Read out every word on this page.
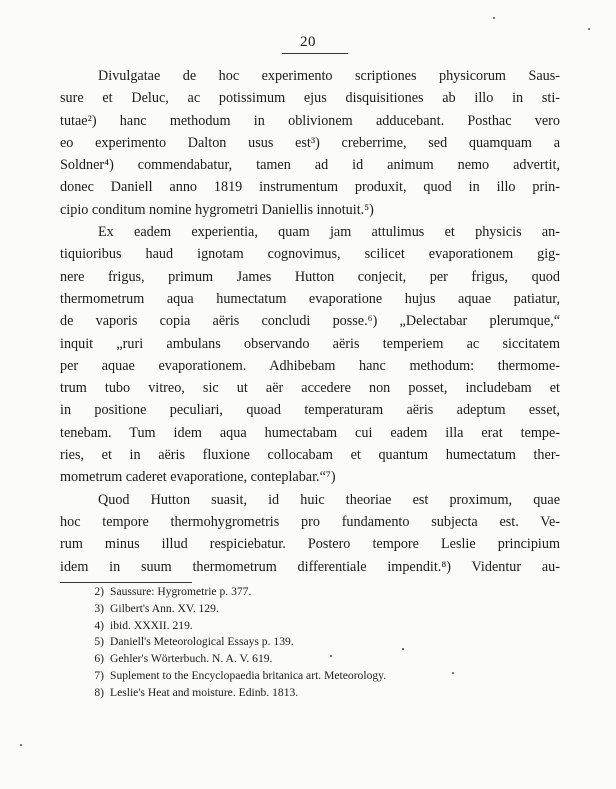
20
Divulgatae de hoc experimento scriptiones physicorum Saus-
sure et Deluc, ac potissimum ejus disquisitiones ab illo in sti-
tutae²) hanc methodum in oblivionem adducebant. Posthac vero
eo experimento Dalton usus est³) creberrime, sed quamquam a
Soldner⁴) commendabatur, tamen ad id animum nemo advertit,
donec Daniell anno 1819 instrumentum produxit, quod in illo prin-
cipio conditum nomine hygrometri Daniellis innotuit.⁵)
Ex eadem experientia, quam jam attulimus et physicis an-
tiquioribus haud ignotam cognovimus, scilicet evaporationem gig-
nere frigus, primum James Hutton conjecit, per frigus, quod
thermometrum aqua humectatum evaporatione hujus aquae patiatur,
de vaporis copia aëris concludi posse.⁶) „Delectabar plerumque,“
inquit „ruri ambulans observando aëris temperiem ac siccitatem
per aquae evaporationem. Adhibebam hanc methodum: thermome-
trum tubo vitreo, sic ut aër accedere non posset, includebam et
in positione peculiari, quoad temperaturam aëris adeptum esset,
tenebam. Tum idem aqua humectabam cui eadem illa erat tempe-
ries, et in aëris fluxione collocabam et quantum humectatum ther-
mometrum caderet evaporatione, conteplabar.“⁷)
Quod Hutton suasit, id huic theoriae est proximum, quae
hoc tempore thermohygrometris pro fundamento subjecta est. Ve-
rum minus illud respiciebatur. Postero tempore Leslie principium
idem in suum thermometrum differentiale impendit.⁸) Videntur au-
2) Saussure: Hygrometrie p. 377.
3) Gilbert's Ann. XV. 129.
4) ibid. XXXII. 219.
5) Daniell's Meteorological Essays p. 139.
6) Gehler's Wörterbuch. N. A. V. 619.
7) Suplement to the Encyclopaedia britanica art. Meteorology.
8) Leslie's Heat and moisture. Edinb. 1813.
